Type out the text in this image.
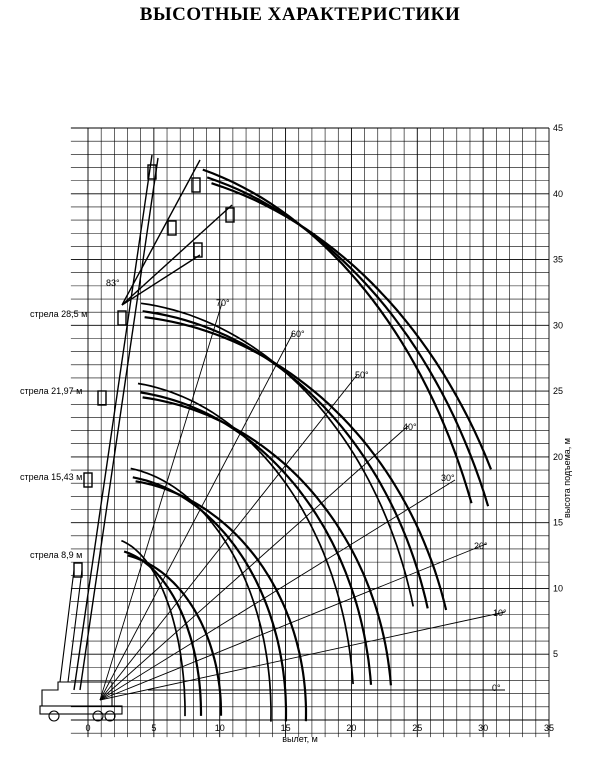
ВЫСОТНЫЕ ХАРАКТЕРИСТИКИ
0	5	10	15	20	25	30	35
5
10
15
20
25
30
35
40
45
вылет, м
высота подъема, м
стрела 28,5 м
стрела 21,97 м
стрела 15,43 м
стрела 8,9 м
83°
70°
60°
50°
40°
30°
20°
10°
0°
